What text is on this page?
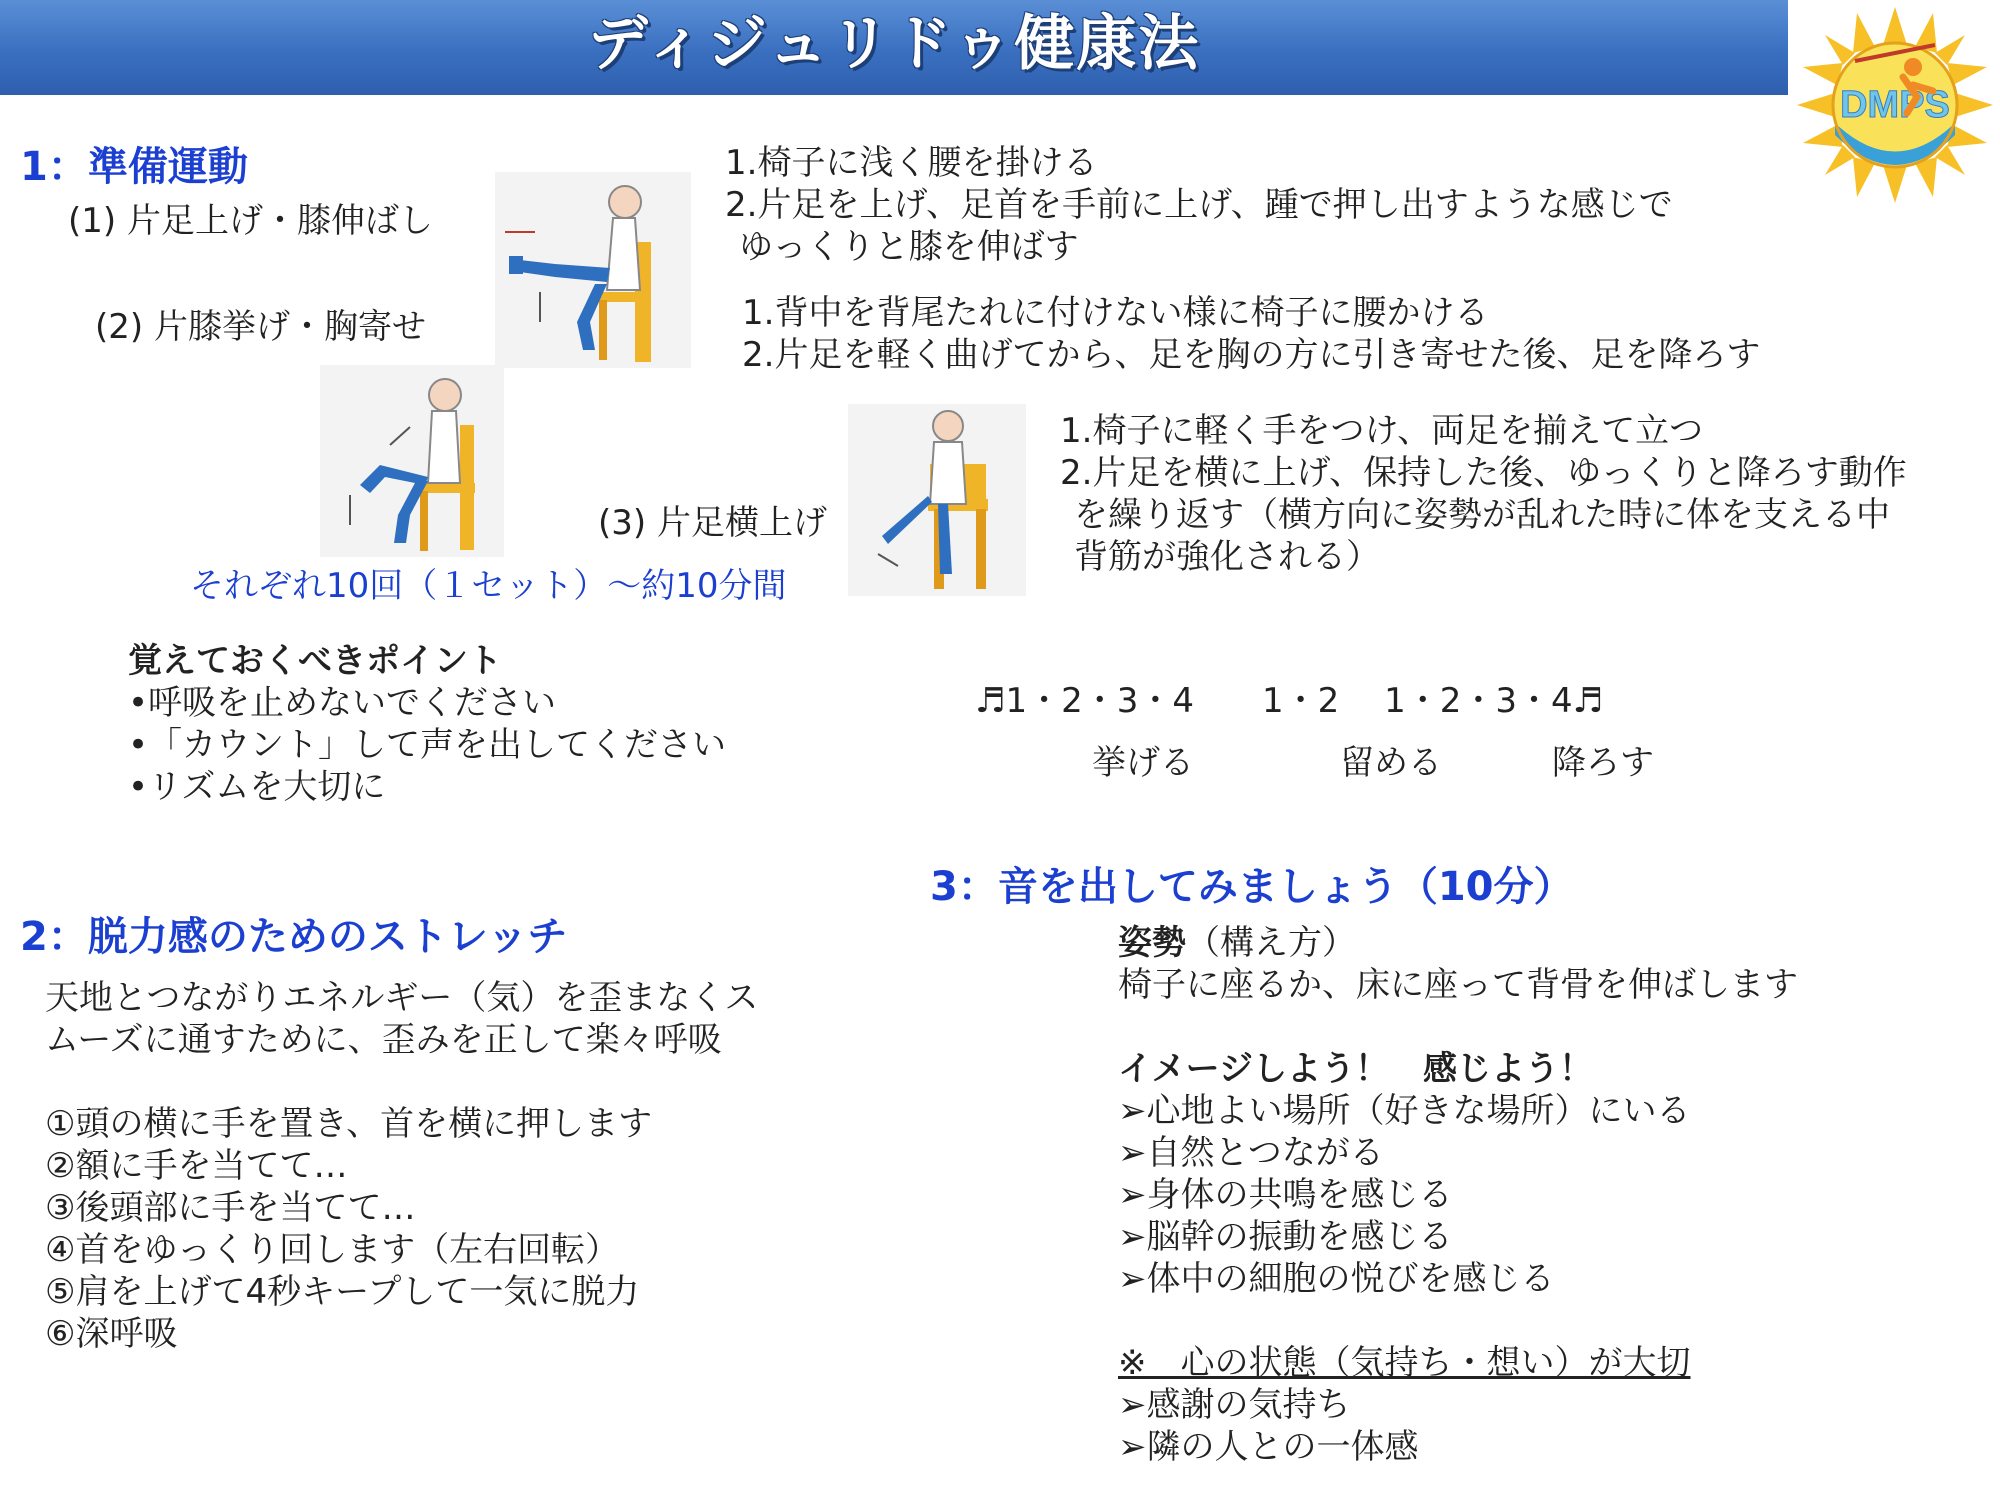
ディジュリドゥ健康法
DMPS
1：準備運動
(1) 片足上げ・膝伸ばし
(2) 片膝挙げ・胸寄せ
(3) 片足横上げ
1.椅子に浅く腰を掛ける
2.片足を上げ、足首を手前に上げ、踵で押し出すような感じで
ゆっくりと膝を伸ばす
1.背中を背尾たれに付けない様に椅子に腰かける
2.片足を軽く曲げてから、足を胸の方に引き寄せた後、足を降ろす
1.椅子に軽く手をつけ、両足を揃えて立つ
2.片足を横に上げ、保持した後、ゆっくりと降ろす動作
を繰り返す（横方向に姿勢が乱れた時に体を支える中
背筋が強化される）
それぞれ10回（１セット）～約10分間
覚えておくべきポイント
•呼吸を止めないでください
•「カウント」して声を出してください
•リズムを大切に
♬1・2・3・4　　1・2　 1・2・3・4♬
挙げる	留める	降ろす
2：脱力感のためのストレッチ
天地とつながりエネルギー（気）を歪まなくス
ムーズに通すために、歪みを正して楽々呼吸
①頭の横に手を置き、首を横に押します
②額に手を当てて…
③後頭部に手を当てて…
④首をゆっくり回します（左右回転）
⑤肩を上げて4秒キープして一気に脱力
⑥深呼吸
3：音を出してみましょう（10分）
姿勢（構え方）
椅子に座るか、床に座って背骨を伸ばします

イメージしよう！　感じよう！
➢心地よい場所（好きな場所）にいる
➢自然とつながる
➢身体の共鳴を感じる
➢脳幹の振動を感じる
➢体中の細胞の悦びを感じる

※　心の状態（気持ち・想い）が大切
➢感謝の気持ち
➢隣の人との一体感
